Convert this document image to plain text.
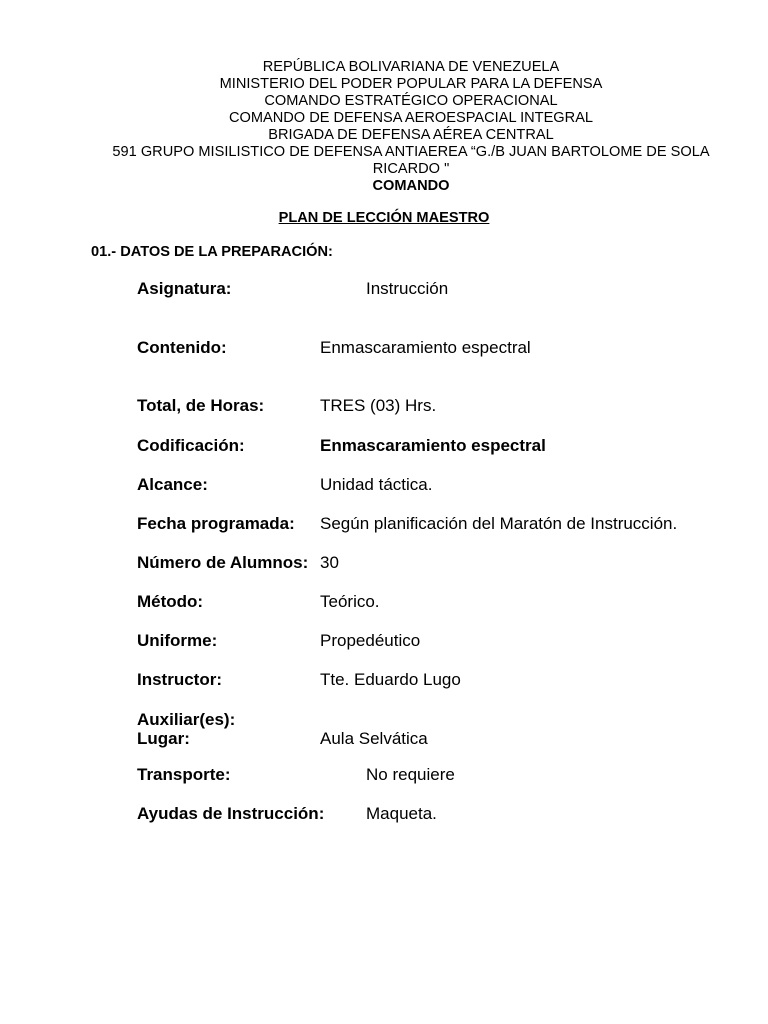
REPÚBLICA BOLIVARIANA DE VENEZUELA
MINISTERIO DEL PODER POPULAR PARA LA DEFENSA
COMANDO ESTRATÉGICO OPERACIONAL
COMANDO DE DEFENSA AEROESPACIAL INTEGRAL
BRIGADA DE DEFENSA AÉREA CENTRAL
591 GRUPO MISILISTICO DE DEFENSA ANTIAEREA “G./B JUAN BARTOLOME DE SOLA RICARDO "
COMANDO
PLAN DE LECCIÓN MAESTRO
01.- DATOS DE LA PREPARACIÓN:
Asignatura:	Instrucción
Contenido:	Enmascaramiento espectral
Total, de Horas:	TRES (03) Hrs.
Codificación:	Enmascaramiento espectral
Alcance:	Unidad táctica.
Fecha programada: Según planificación del Maratón de Instrucción.
Número de Alumnos: 30
Método:	Teórico.
Uniforme:	Propedéutico
Instructor:	Tte. Eduardo Lugo
Auxiliar(es):
Lugar:	Aula Selvática
Transporte:	No requiere
Ayudas de Instrucción: Maqueta.
